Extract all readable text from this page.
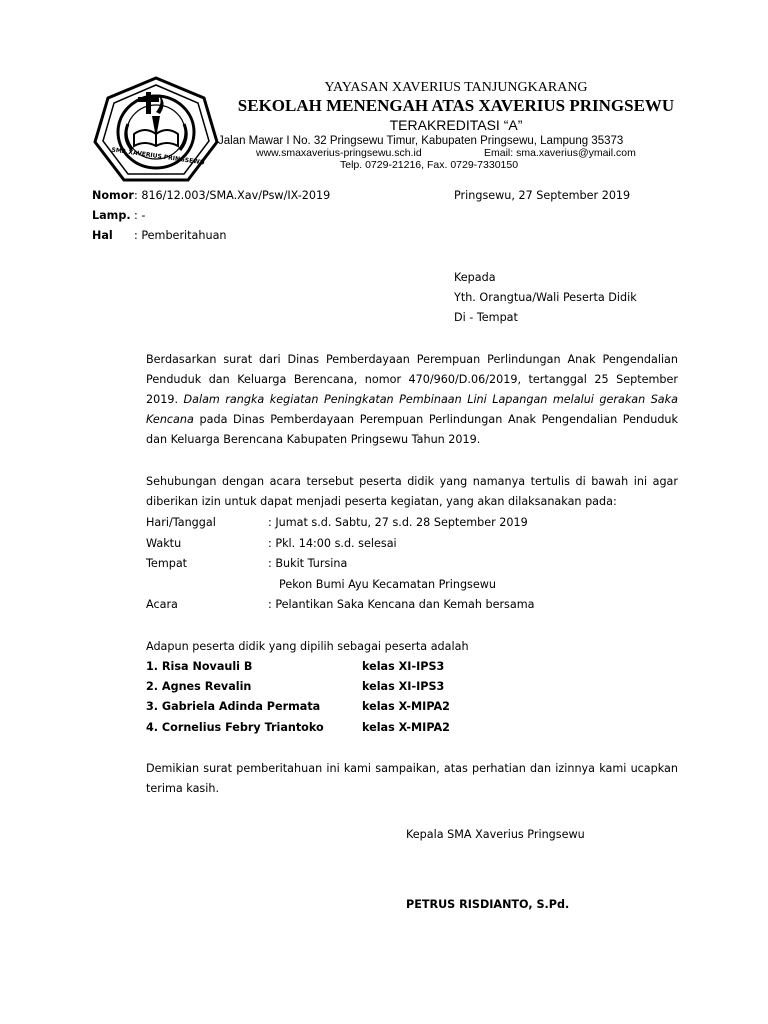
SMA XAVERIUS PRINGSEWU
YAYASAN XAVERIUS TANJUNGKARANG
SEKOLAH MENENGAH ATAS XAVERIUS PRINGSEWU
TERAKREDITASI “A”
Jalan Mawar I No. 32 Pringsewu Timur, Kabupaten Pringsewu, Lampung 35373
www.smaxaverius-pringsewu.sch.id	Email: sma.xaverius@ymail.com
Telp. 0729-21216, Fax. 0729-7330150
Nomor : 816/12.003/SMA.Xav/Psw/IX-2019
Lamp. : -
Hal : Pemberitahuan
Pringsewu, 27 September 2019
Kepada
Yth. Orangtua/Wali Peserta Didik
Di - Tempat
Berdasarkan surat dari Dinas Pemberdayaan Perempuan Perlindungan Anak Pengendalian
Penduduk dan Keluarga Berencana, nomor 470/960/D.06/2019, tertanggal 25 September
2019. Dalam rangka kegiatan Peningkatan Pembinaan Lini Lapangan melalui gerakan Saka
Kencana pada Dinas Pemberdayaan Perempuan Perlindungan Anak Pengendalian Penduduk
dan Keluarga Berencana Kabupaten Pringsewu Tahun 2019.
Sehubungan dengan acara tersebut peserta didik yang namanya tertulis di bawah ini agar
diberikan izin untuk dapat menjadi peserta kegiatan, yang akan dilaksanakan pada:
Hari/Tanggal	: Jumat s.d. Sabtu, 27 s.d. 28 September 2019
Waktu	: Pkl. 14:00 s.d. selesai
Tempat	: Bukit Tursina
Pekon Bumi Ayu Kecamatan Pringsewu
Acara	: Pelantikan Saka Kencana dan Kemah bersama
Adapun peserta didik yang dipilih sebagai peserta adalah
1. Risa Novauli B	kelas XI-IPS3
2. Agnes Revalin	kelas XI-IPS3
3. Gabriela Adinda Permata	kelas X-MIPA2
4. Cornelius Febry Triantoko	kelas X-MIPA2
Demikian surat pemberitahuan ini kami sampaikan, atas perhatian dan izinnya kami ucapkan
terima kasih.
Kepala SMA Xaverius Pringsewu
PETRUS RISDIANTO, S.Pd.
